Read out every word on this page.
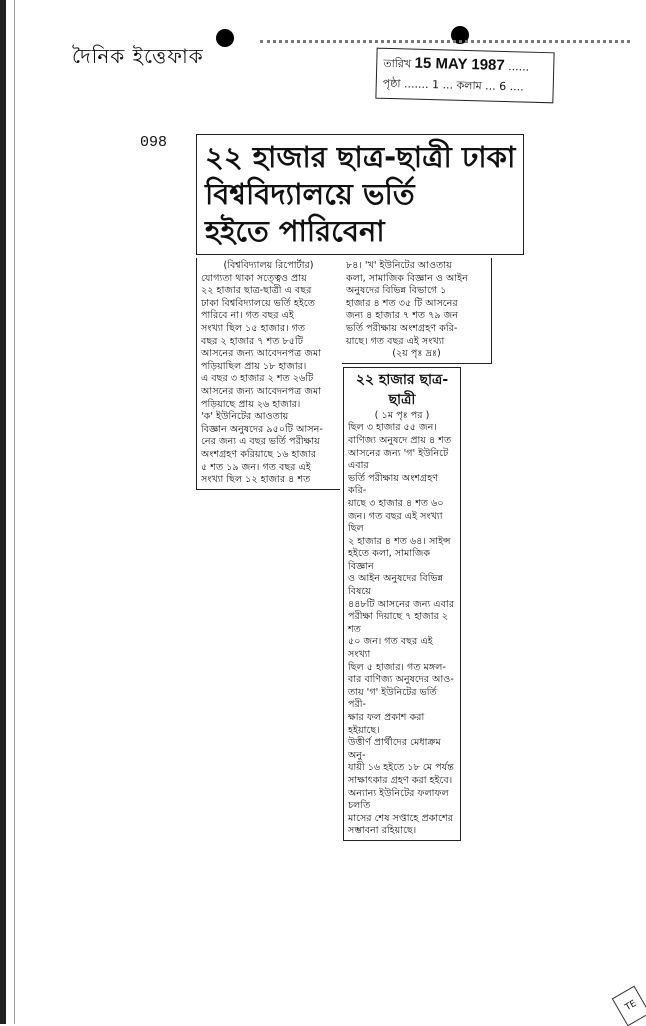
দৈনিক ইত্তেফাক	তারিখ 15 MAY 1987 ......
পৃষ্ঠা ....... 1 ... কলাম ... 6 ....
098 ২২ হাজার ছাত্র-ছাত্রী ঢাকা
বিশ্ববিদ্যালয়ে ভর্তি
হইতে পারিবেনা
(বিশ্ববিদ্যালয় রিপোর্টার)
যোগ্যতা থাকা সত্ত্বেও প্রায়
২২ হাজার ছাত্র-ছাত্রী এ বছর
ঢাকা বিশ্ববিদ্যালয়ে ভর্তি হইতে
পারিবে না। গত বছর এই
সংখ্যা ছিল ১৫ হাজার। গত
বছর ২ হাজার ৭ শত ৮৫টি
আসনের জন্য আবেদনপত্র জমা
পড়িয়াছিল প্রায় ১৮ হাজার।
এ বছর ৩ হাজার ২ শত ২৬টি
আসনের জন্য আবেদনপত্র জমা
পড়িয়াছে প্রায় ২৬ হাজার।
'ক' ইউনিটের আওতায়
বিজ্ঞান অনুষদের ৯৫০টি আসন-
নের জন্য এ বছর ভর্তি পরীক্ষায়
অংশগ্রহণ করিয়াছে ১৬ হাজার
৫ শত ১৯ জন। গত বছর এই
সংখ্যা ছিল ১২ হাজার ৪ শত
৮৪। 'খ' ইউনিটের আওতায়
কলা, সামাজিক বিজ্ঞান ও আইন
অনুষদের বিভিন্ন বিভাগে ১
হাজার ৪ শত ৩৫ টি আসনের
জন্য ৪ হাজার ৭ শত ৭৯ জন
ভর্তি পরীক্ষায় অংশগ্রহণ করি-
য়াছে। গত বছর এই সংখ্যা
(২য় পৃঃ দ্রঃ)
২২ হাজার ছাত্র-ছাত্রী
( ১ম পৃঃ পর )
ছিল ৩ হাজার ৫৫ জন।
বাণিজ্য অনুষদে প্রায় ৪ শত
আসনের জন্য 'গ' ইউনিটে এবার
ভর্তি পরীক্ষায় অংশগ্রহণ করি-
য়াছে ৩ হাজার ৪ শত ৬০
জন। গত বছর এই সংখ্যা ছিল
২ হাজার ৪ শত ৬৪। সাইন্স
হইতে কলা, সামাজিক বিজ্ঞান
ও আইন অনুষদের বিভিন্ন বিষয়ে
৪৪৮টি আসনের জন্য এবার
পরীক্ষা দিয়াছে ৭ হাজার ২ শত
৫০ জন। গত বছর এই সংখ্যা
ছিল ৫ হাজার। গত মঙ্গল-
বার বাণিজ্য অনুষদের আও-
তায় 'গ' ইউনিটের ভর্তি পরী-
ক্ষার ফল প্রকাশ করা হইয়াছে।
উত্তীর্ণ প্রার্থীদের মেধাক্রম অনু-
যায়ী ১৬ হইতে ১৮ মে পর্যন্ত
সাক্ষাৎকার গ্রহণ করা হইবে।
অন্যান্য ইউনিটের ফলাফল চলতি
মাসের শেষ সপ্তাহে প্রকাশের
সম্ভাবনা রহিয়াছে।
TE
